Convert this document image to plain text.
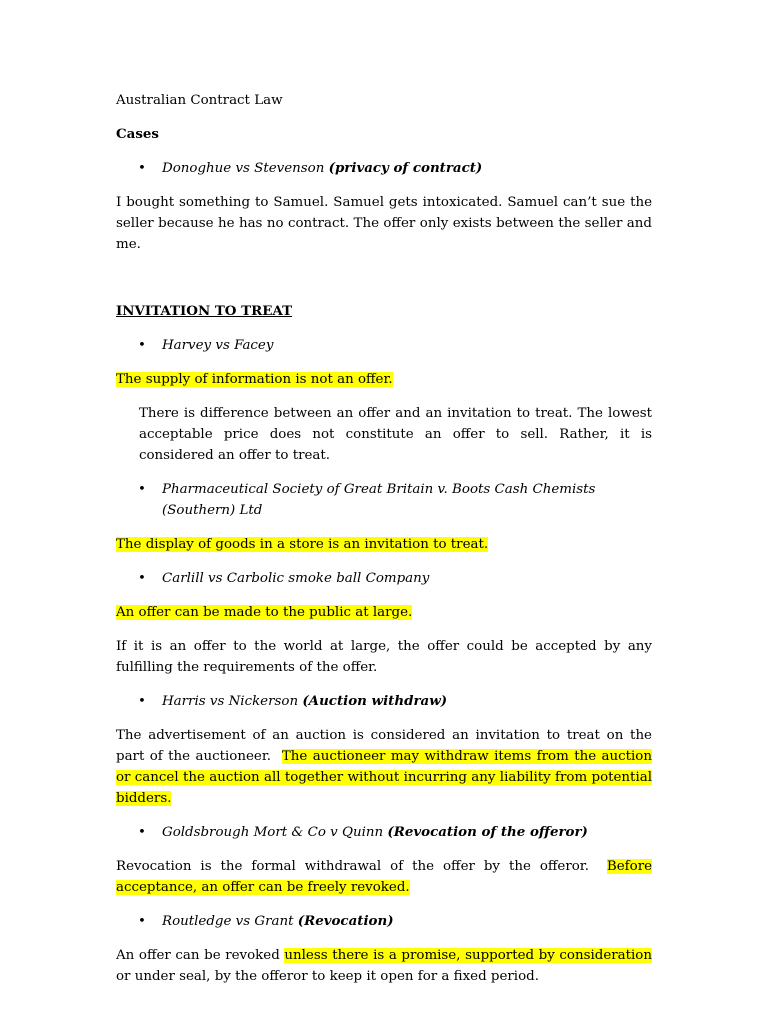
Australian Contract Law

Cases

• Donoghue vs Stevenson (privacy of contract)

I bought something to Samuel. Samuel gets intoxicated. Samuel can’t sue the seller because he has no contract. The offer only exists between the seller and me.

INVITATION TO TREAT

• Harvey vs Facey

The supply of information is not an offer.

There is difference between an offer and an invitation to treat. The lowest acceptable price does not constitute an offer to sell. Rather, it is considered an offer to treat.

• Pharmaceutical Society of Great Britain v. Boots Cash Chemists (Southern) Ltd

The display of goods in a store is an invitation to treat.

• Carlill vs Carbolic smoke ball Company

An offer can be made to the public at large.

If it is an offer to the world at large, the offer could be accepted by any fulfilling the requirements of the offer.

• Harris vs Nickerson (Auction withdraw)

The advertisement of an auction is considered an invitation to treat on the part of the auctioneer. The auctioneer may withdraw items from the auction or cancel the auction all together without incurring any liability from potential bidders.

• Goldsbrough Mort & Co v Quinn (Revocation of the offeror)

Revocation is the formal withdrawal of the offer by the offeror. Before acceptance, an offer can be freely revoked.

• Routledge vs Grant (Revocation)

An offer can be revoked unless there is a promise, supported by consideration or under seal, by the offeror to keep it open for a fixed period.
